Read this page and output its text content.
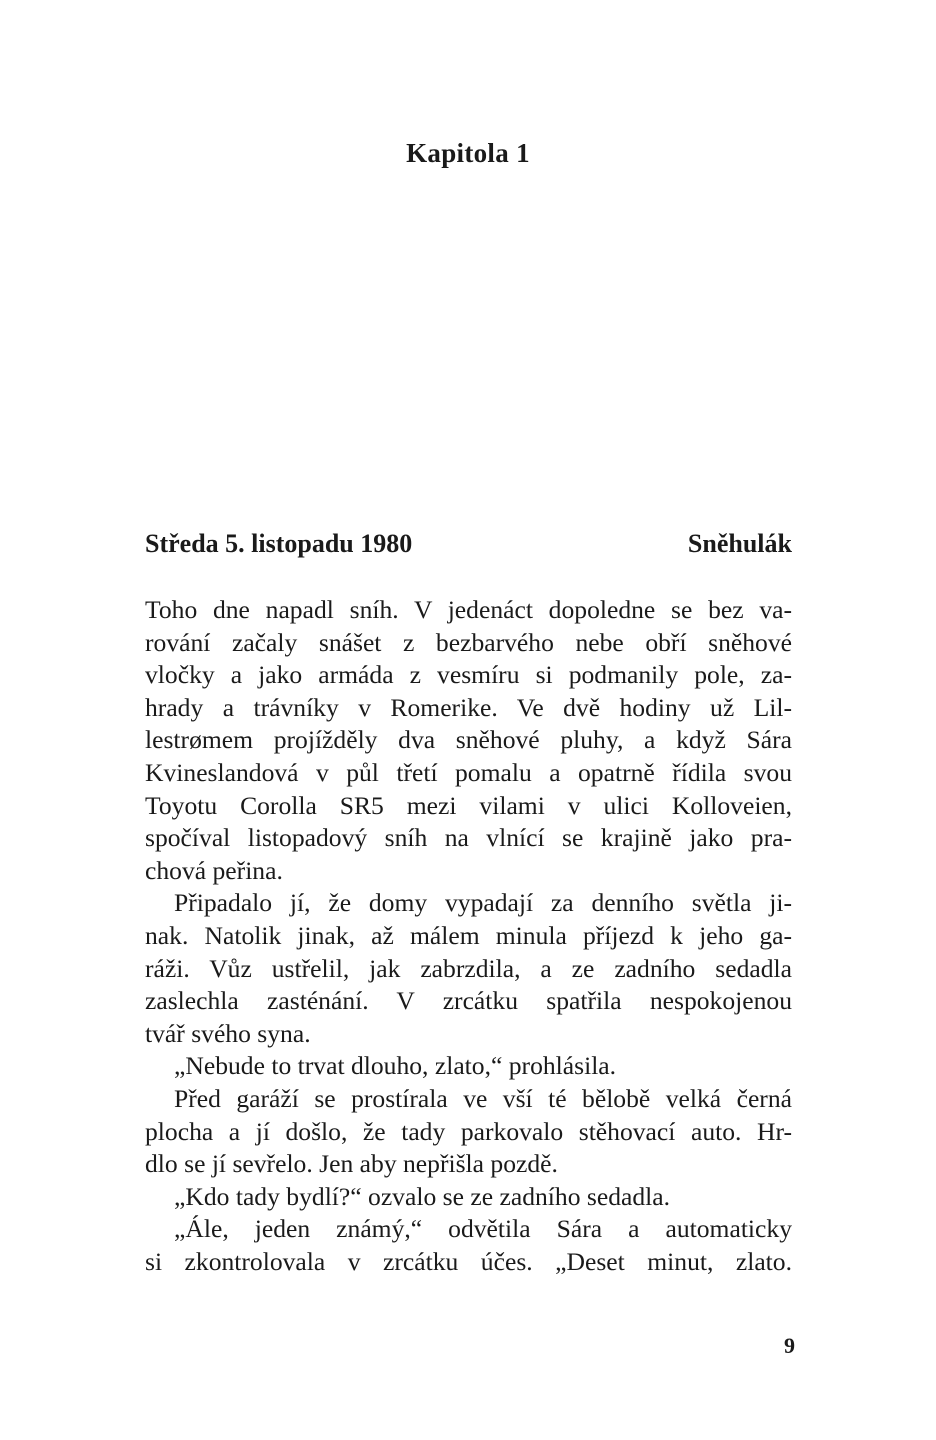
Kapitola 1
Středa 5. listopadu 1980	Sněhulák
Toho dne napadl sníh. V jedenáct dopoledne se bez va-
rování začaly snášet z bezbarvého nebe obří sněhové
vločky a jako armáda z vesmíru si podmanily pole, za-
hrady a trávníky v Romerike. Ve dvě hodiny už Lil-
lestrømem projížděly dva sněhové pluhy, a když Sára
Kvineslandová v půl třetí pomalu a opatrně řídila svou
Toyotu Corolla SR5 mezi vilami v ulici Kolloveien,
spočíval listopadový sníh na vlnící se krajině jako pra-
chová peřina.
Připadalo jí, že domy vypadají za denního světla ji-
nak. Natolik jinak, až málem minula příjezd k jeho ga-
ráži. Vůz ustřelil, jak zabrzdila, a ze zadního sedadla
zaslechla zasténání. V zrcátku spatřila nespokojenou
tvář svého syna.
„Nebude to trvat dlouho, zlato,“ prohlásila.
Před garáží se prostírala ve vší té bělobě velká černá
plocha a jí došlo, že tady parkovalo stěhovací auto. Hr-
dlo se jí sevřelo. Jen aby nepřišla pozdě.
„Kdo tady bydlí?“ ozvalo se ze zadního sedadla.
„Ále, jeden známý,“ odvětila Sára a automaticky
si zkontrolovala v zrcátku účes. „Deset minut, zlato.
9
